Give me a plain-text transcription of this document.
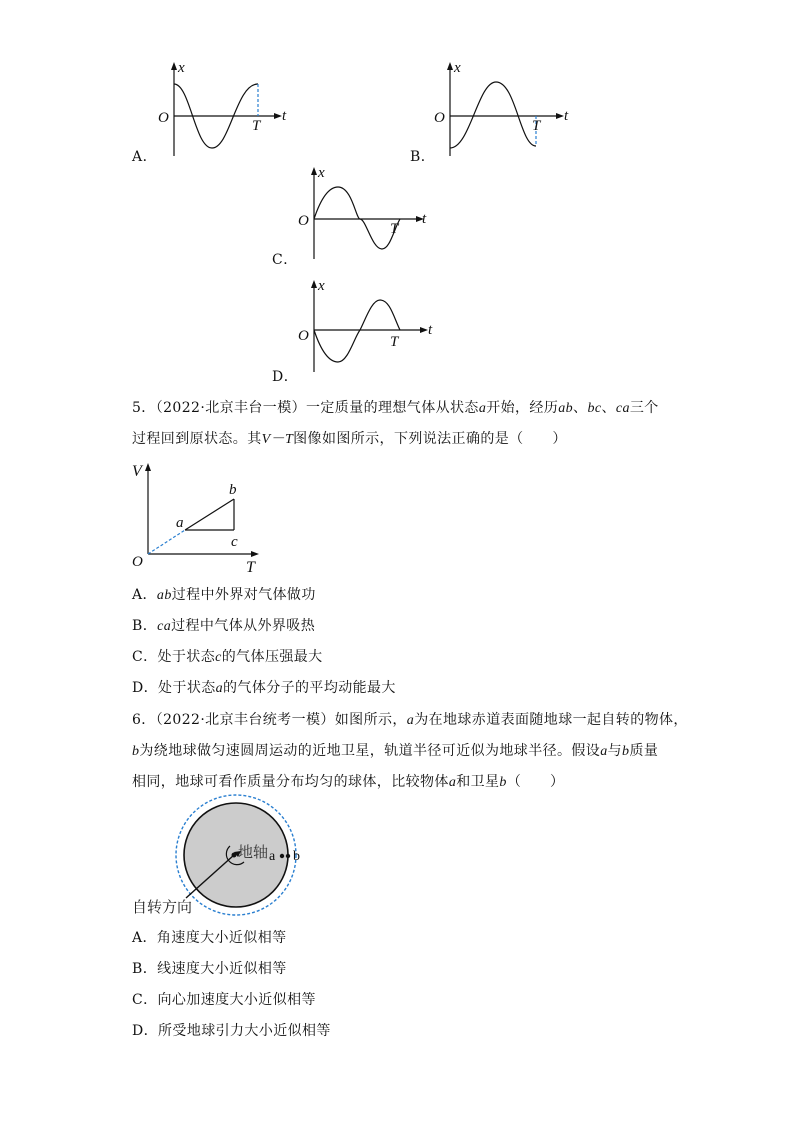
x
t
O	T
A．
x
t
O	T
B．
x
t
O	T
C．
x
t
O	T
D．
5．（2022·北京丰台一模）一定质量的理想气体从状态a开始，经历ab、bc、ca三个
过程回到原状态。其V－T图像如图所示，下列说法正确的是（　　）
V
T
O
a
b
c
A．ab过程中外界对气体做功
B．ca过程中气体从外界吸热
C．处于状态c的气体压强最大
D．处于状态a的气体分子的平均动能最大
6．（2022·北京丰台统考一模）如图所示，a为在地球赤道表面随地球一起自转的物体，
b为绕地球做匀速圆周运动的近地卫星，轨道半径可近似为地球半径。假设a与b质量
相同，地球可看作质量分布均匀的球体，比较物体a和卫星b（　　）
地轴 a b
自转方向
A．角速度大小近似相等
B．线速度大小近似相等
C．向心加速度大小近似相等
D．所受地球引力大小近似相等
